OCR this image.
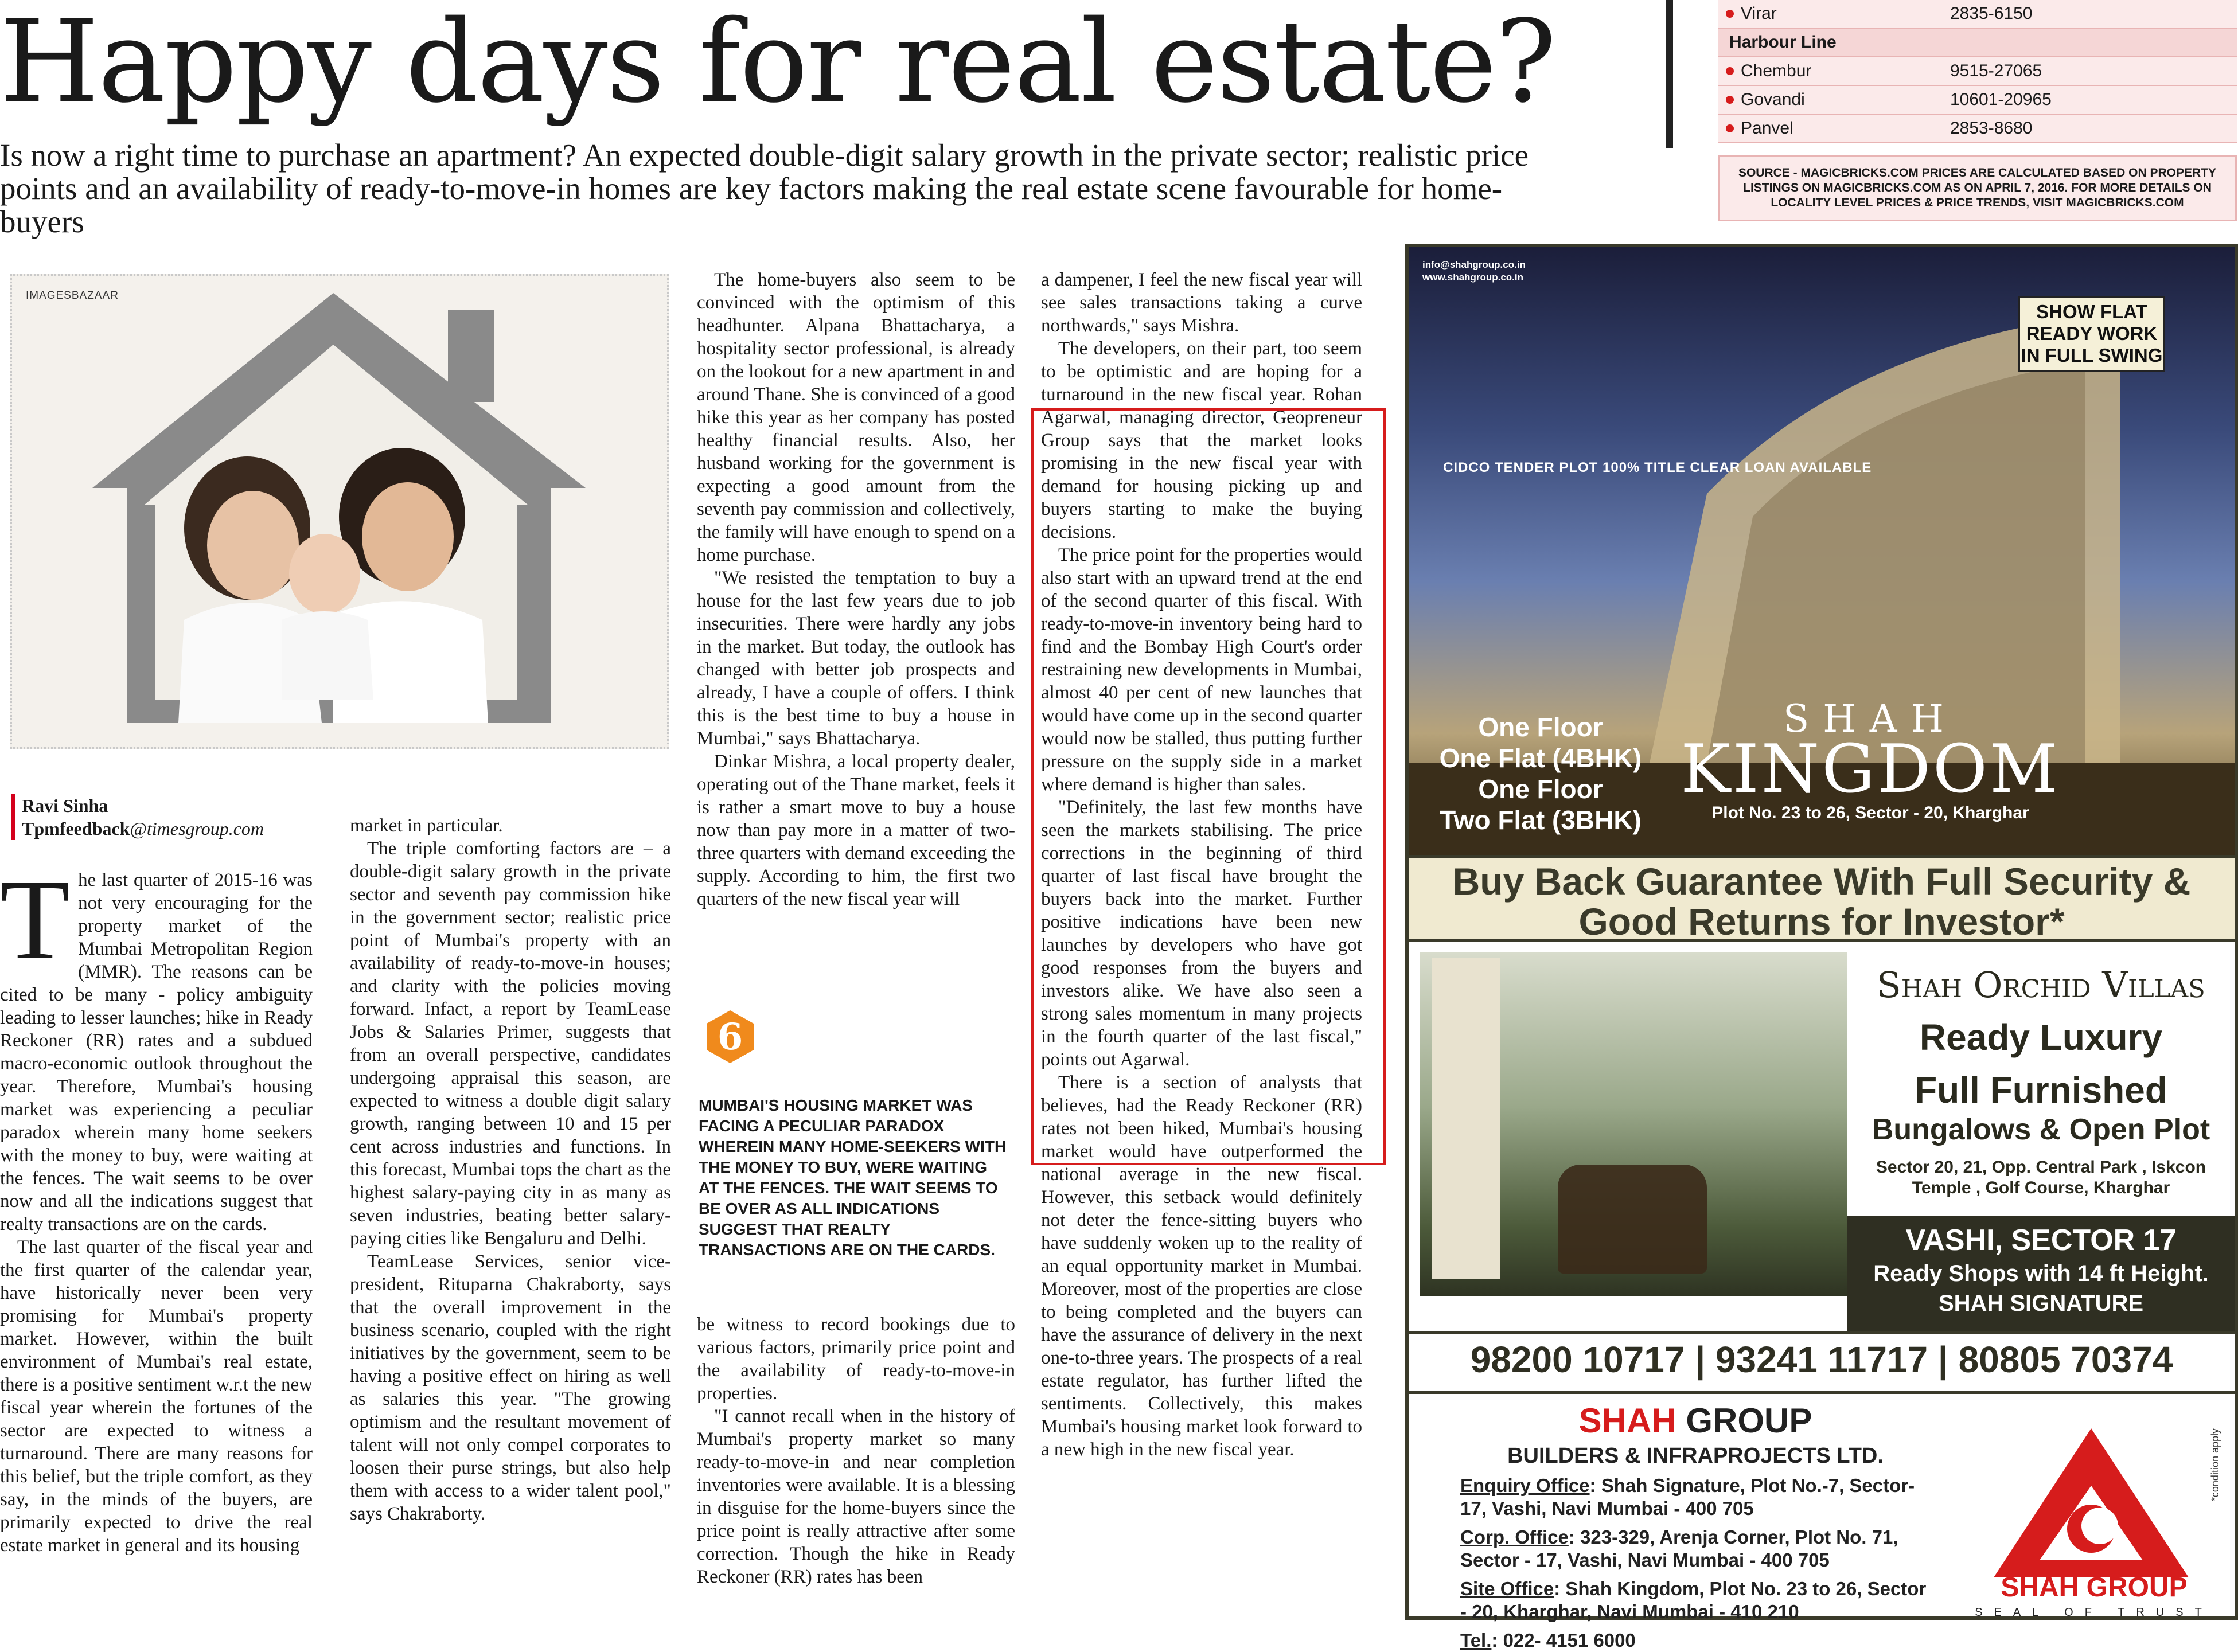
Happy days for real estate?
Is now a right time to purchase an apartment? An expected double-digit salary growth in the private sector; realistic price points and an availability of ready-to-move-in homes are key factors making the real estate scene favourable for home-buyers
IMAGESBAZAAR
Ravi Sinha
Tpmfeedback@timesgroup.com

The last quarter of 2015-16 was not very encouraging for the property market of the Mumbai Metropolitan Region (MMR). The reasons can be cited to be many - policy ambiguity leading to lesser launches; hike in Ready Reckoner (RR) rates and a subdued macro-economic outlook throughout the year. Therefore, Mumbai's housing market was experiencing a peculiar paradox wherein many home seekers with the money to buy, were waiting at the fences. The wait seems to be over now and all the indications suggest that realty transactions are on the cards.

The last quarter of the fiscal year and the first quarter of the calendar year, have historically never been very promising for Mumbai's property market. However, within the built environment of Mumbai's real estate, there is a positive sentiment w.r.t the new fiscal year wherein the fortunes of the sector are expected to witness a turnaround. There are many reasons for this belief, but the triple comfort, as they say, in the minds of the buyers, are primarily expected to drive the real estate market in general and its housing

market in particular.

The triple comforting factors are – a double-digit salary growth in the private sector and seventh pay commission hike in the government sector; realistic price point of Mumbai's property with an availability of ready-to-move-in houses; and clarity with the policies moving forward. Infact, a report by TeamLease Jobs & Salaries Primer, suggests that from an overall perspective, candidates undergoing appraisal this season, are expected to witness a double digit salary growth, ranging between 10 and 15 per cent across industries and functions. In this forecast, Mumbai tops the chart as the highest salary-paying city in as many as seven industries, beating better salary-paying cities like Bengaluru and Delhi.

TeamLease Services, senior vice-president, Rituparna Chakraborty, says that the overall improvement in the business scenario, coupled with the right initiatives by the government, seem to be having a positive effect on hiring as well as salaries this year. "The growing optimism and the resultant movement of talent will not only compel corporates to loosen their purse strings, but also help them with access to a wider talent pool," says Chakraborty.

The home-buyers also seem to be convinced with the optimism of this headhunter. Alpana Bhattacharya, a hospitality sector professional, is already on the lookout for a new apartment in and around Thane. She is convinced of a good hike this year as her company has posted healthy financial results. Also, her husband working for the government is expecting a good amount from the seventh pay commission and collectively, the family will have enough to spend on a home purchase.

"We resisted the temptation to buy a house for the last few years due to job insecurities. There were hardly any jobs in the market. But today, the outlook has changed with better job prospects and already, I have a couple of offers. I think this is the best time to buy a house in Mumbai," says Bhattacharya.

Dinkar Mishra, a local property dealer, operating out of the Thane market, feels it is rather a smart move to buy a house now than pay more in a matter of two-three quarters with demand exceeding the supply. According to him, the first two quarters of the new fiscal year will

6
MUMBAI'S HOUSING MARKET WAS FACING A PECULIAR PARADOX WHEREIN MANY HOME-SEEKERS WITH THE MONEY TO BUY, WERE WAITING AT THE FENCES. THE WAIT SEEMS TO BE OVER AS ALL INDICATIONS SUGGEST THAT REALTY TRANSACTIONS ARE ON THE CARDS.

be witness to record bookings due to various factors, primarily price point and the availability of ready-to-move-in properties.

"I cannot recall when in the history of Mumbai's property market so many ready-to-move-in and near completion inventories were available. It is a blessing in disguise for the home-buyers since the price point is really attractive after some correction. Though the hike in Ready Reckoner (RR) rates has been

a dampener, I feel the new fiscal year will see sales transactions taking a curve northwards," says Mishra.

The developers, on their part, too seem to be optimistic and are hoping for a turnaround in the new fiscal year. Rohan Agarwal, managing director, Geopreneur Group says that the market looks promising in the new fiscal year with demand for housing picking up and buyers starting to make the buying decisions.

The price point for the properties would also start with an upward trend at the end of the second quarter of this fiscal. With ready-to-move-in inventory being hard to find and the Bombay High Court's order restraining new developments in Mumbai, almost 40 per cent of new launches that would have come up in the second quarter would now be stalled, thus putting further pressure on the supply side in a market where demand is higher than sales.

"Definitely, the last few months have seen the markets stabilising. The price corrections in the beginning of third quarter of last fiscal have brought the buyers back into the market. Further positive indications have been new launches by developers who have got good responses from the buyers and investors alike. We have also seen a strong sales momentum in many projects in the fourth quarter of the last fiscal," points out Agarwal.

There is a section of analysts that believes, had the Ready Reckoner (RR) rates not been hiked, Mumbai's housing market would have outperformed the national average in the new fiscal. However, this setback would definitely not deter the fence-sitting buyers who have suddenly woken up to the reality of an equal opportunity market in Mumbai. Moreover, most of the properties are close to being completed and the buyers can have the assurance of delivery in the next one-to-three years. The prospects of a real estate regulator, has further lifted the sentiments. Collectively, this makes Mumbai's housing market look forward to a new high in the new fiscal year.

Virar	2835-6150
Harbour Line
Chembur	9515-27065
Govandi	10601-20965
Panvel	2853-8680
SOURCE - MAGICBRICKS.COM PRICES ARE CALCULATED BASED ON PROPERTY LISTINGS ON MAGICBRICKS.COM AS ON APRIL 7, 2016. FOR MORE DETAILS ON LOCALITY LEVEL PRICES & PRICE TRENDS, VISIT MAGICBRICKS.COM
info@shahgroup.co.in
www.shahgroup.co.in
SHOW FLAT READY WORK IN FULL SWING
CIDCO TENDER PLOT 100% TITLE CLEAR LOAN AVAILABLE
One Floor
One Flat (4BHK)
One Floor
Two Flat (3BHK)
SHAH
KINGDOM
Plot No. 23 to 26, Sector - 20, Kharghar
Buy Back Guarantee With Full Security & Good Returns for Investor*
Shah Orchid Villas
Ready Luxury
Full Furnished
Bungalows & Open Plot
Sector 20, 21, Opp. Central Park , Iskcon Temple , Golf Course, Kharghar
VASHI, SECTOR 17
Ready Shops with 14 ft Height.
SHAH SIGNATURE
98200 10717 | 93241 11717 | 80805 70374
SHAH GROUP
BUILDERS & INFRAPROJECTS LTD.
Enquiry Office: Shah Signature, Plot No.-7, Sector-17, Vashi, Navi Mumbai - 400 705
Corp. Office: 323-329, Arenja Corner, Plot No. 71, Sector - 17, Vashi, Navi Mumbai - 400 705
Site Office: Shah Kingdom, Plot No. 23 to 26, Sector - 20, Kharghar, Navi Mumbai - 410 210
Tel.: 022- 4151 6000
*condition apply
SHAH GROUP
SEAL OF TRUST
